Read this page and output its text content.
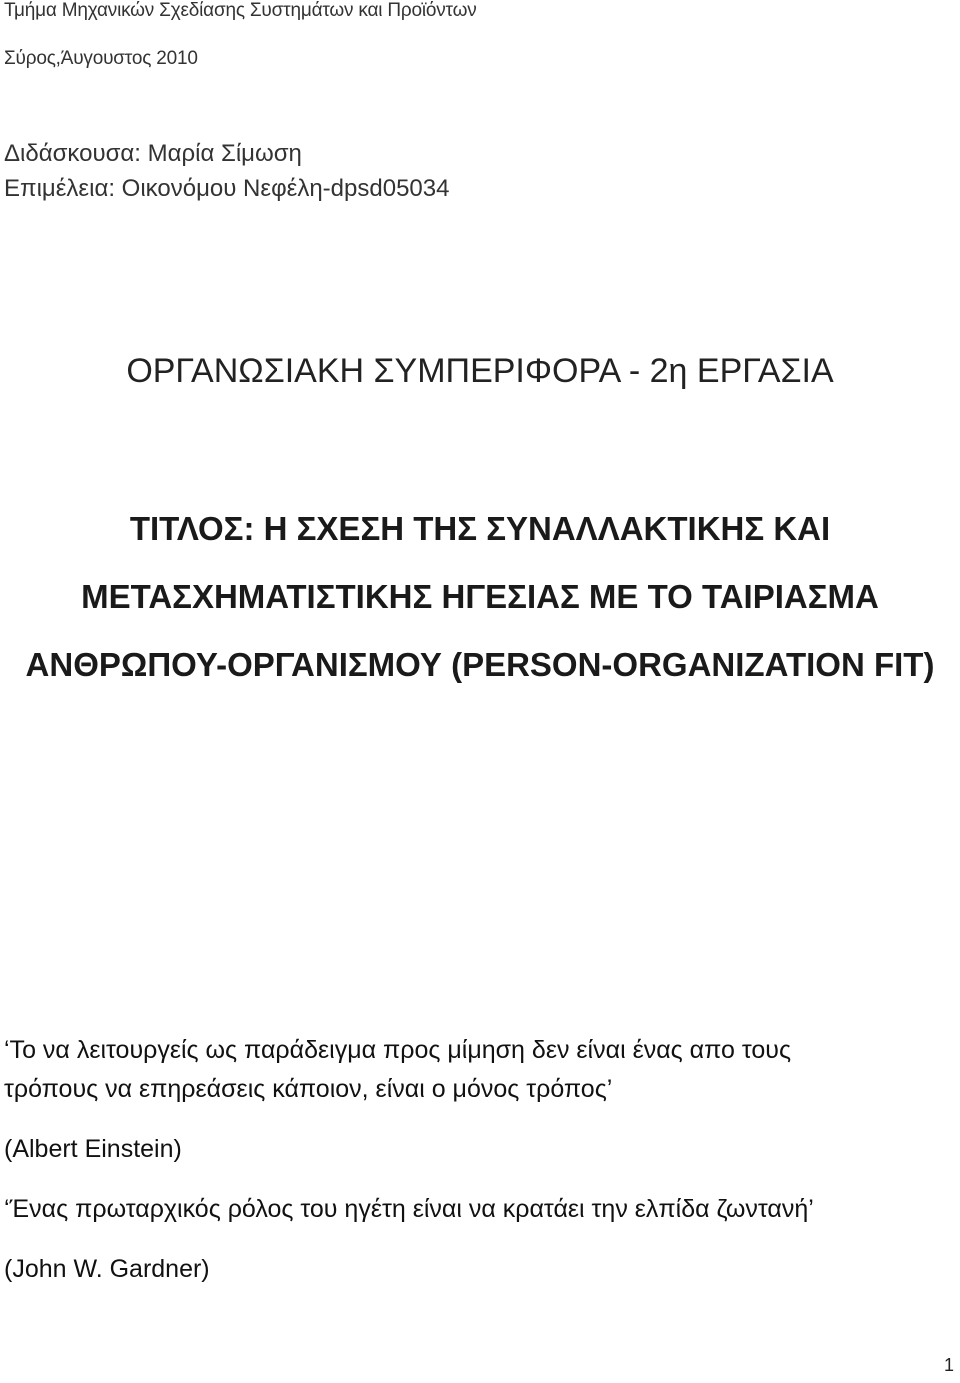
Τμήμα Μηχανικών Σχεδίασης Συστημάτων και Προϊόντων
Σύρος,Άυγουστος 2010
Διδάσκουσα: Μαρία Σίμωση
Επιμέλεια: Οικονόμου Νεφέλη-dpsd05034
ΟΡΓΑΝΩΣΙΑΚΗ ΣΥΜΠΕΡΙΦΟΡΑ - 2η ΕΡΓΑΣΙΑ
ΤΙΤΛΟΣ: Η ΣΧΕΣΗ ΤΗΣ ΣΥΝΑΛΛΑΚΤΙΚΗΣ ΚΑΙ
ΜΕΤΑΣΧΗΜΑΤΙΣΤΙΚΗΣ ΗΓΕΣΙΑΣ ΜΕ ΤΟ ΤΑΙΡΙΑΣΜΑ
ΑΝΘΡΩΠΟΥ-ΟΡΓΑΝΙΣΜΟΥ (PERSON-ORGANIZATION FIT)
‘Το να λειτουργείς ως παράδειγμα προς μίμηση δεν είναι ένας απο τους
τρόπους να επηρεάσεις κάποιον, είναι ο μόνος τρόπος’
(Albert Einstein)
‘Ένας πρωταρχικός ρόλος του ηγέτη είναι να κρατάει την ελπίδα ζωντανή’
(John W. Gardner)
1
